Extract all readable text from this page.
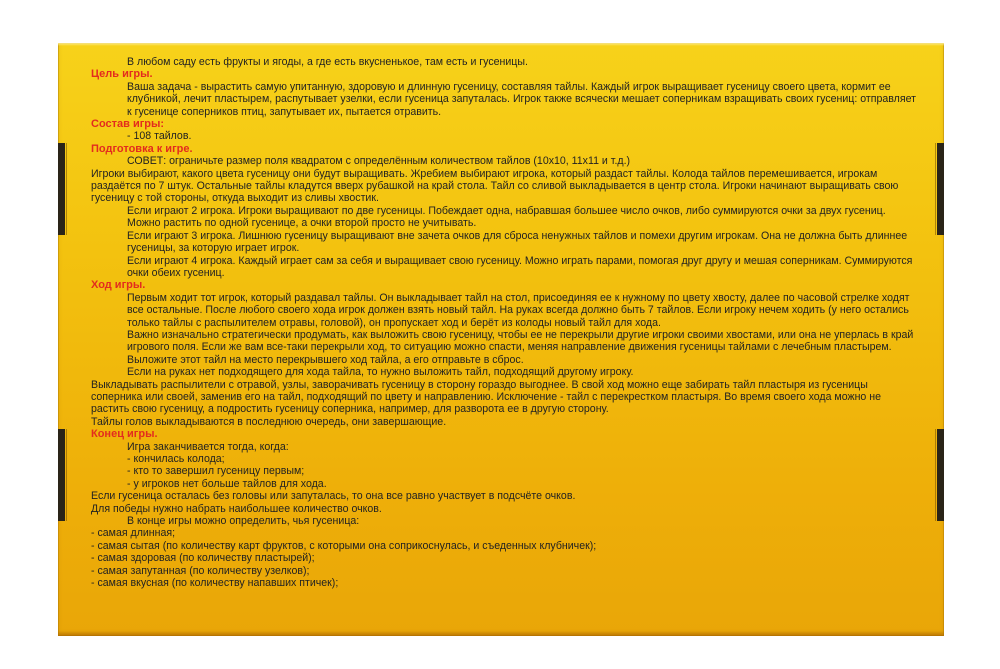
В любом саду есть фрукты и ягоды, а где есть вкусненькое, там есть и гусеницы.

Цель игры.

Ваша задача - вырастить самую упитанную, здоровую и длинную гусеницу, составляя тайлы. Каждый игрок выращивает гусеницу своего цвета, кормит ее клубникой, лечит пластырем, распутывает узелки, если гусеница запуталась. Игрок также всячески мешает соперникам взращивать своих гусениц: отправляет к гусенице соперников птиц, запутывает их, пытается отравить.

Состав игры:

- 108 тайлов.

Подготовка к игре.

СОВЕТ: ограничьте размер поля квадратом с определённым количеством тайлов (10х10, 11х11 и т.д.)

Игроки выбирают, какого цвета гусеницу они будут выращивать. Жребием выбирают игрока, который раздаст тайлы. Колода тайлов перемешивается, игрокам раздаётся по 7 штук. Остальные тайлы кладутся вверх рубашкой на край стола. Тайл со сливой выкладывается в центр стола. Игроки начинают выращивать свою гусеницу с той стороны, откуда выходит из сливы хвостик.

Если играют 2 игрока. Игроки выращивают по две гусеницы. Побеждает одна, набравшая большее число очков, либо суммируются очки за двух гусениц. Можно растить по одной гусенице, а очки второй просто не учитывать.

Если играют 3 игрока. Лишнюю гусеницу выращивают вне зачета очков для сброса ненужных тайлов и помехи другим игрокам. Она не должна быть длиннее гусеницы, за которую играет игрок.

Если играют 4 игрока. Каждый играет сам за себя и выращивает свою гусеницу. Можно играть парами, помогая друг другу и мешая соперникам. Суммируются очки обеих гусениц.

Ход игры.

Первым ходит тот игрок, который раздавал тайлы. Он выкладывает тайл на стол, присоединяя ее к нужному по цвету хвосту, далее по часовой стрелке ходят все остальные. После любого своего хода игрок должен взять новый тайл. На руках всегда должно быть 7 тайлов. Если игроку нечем ходить (у него остались только тайлы с распылителем отравы, головой), он пропускает ход и берёт из колоды новый тайл для хода.

Важно изначально стратегически продумать, как выложить свою гусеницу, чтобы ее не перекрыли другие игроки своими хвостами, или она не уперлась в край игрового поля. Если же вам все-таки перекрыли ход, то ситуацию можно спасти, меняя направление движения гусеницы тайлами с лечебным пластырем. Выложите этот тайл на место перекрывшего ход тайла, а его отправьте в сброс.

Если на руках нет подходящего для хода тайла, то нужно выложить тайл, подходящий другому игроку.

Выкладывать распылители с отравой, узлы, заворачивать гусеницу в сторону гораздо выгоднее. В свой ход можно еще забирать тайл пластыря из гусеницы соперника или своей, заменив его на тайл, подходящий по цвету и направлению. Исключение - тайл с перекрестком пластыря. Во время своего хода можно не растить свою гусеницу, а подростить гусеницу соперника, например, для разворота ее в другую сторону.

Тайлы голов выкладываются в последнюю очередь, они завершающие.

Конец игры.

Игра заканчивается тогда, когда:

- кончилась колода;

- кто то завершил гусеницу первым;

- у игроков нет больше тайлов для хода.

Если гусеница осталась без головы или запуталась, то она все равно участвует в подсчёте очков.

Для победы нужно набрать наибольшее количество очков.

В конце игры можно определить, чья гусеница:

- самая длинная;

- самая сытая (по количеству карт фруктов, с которыми она соприкоснулась, и съеденных клубничек);

- самая здоровая (по количеству пластырей);

- самая запутанная (по количеству узелков);

- самая вкусная (по количеству напавших птичек);
